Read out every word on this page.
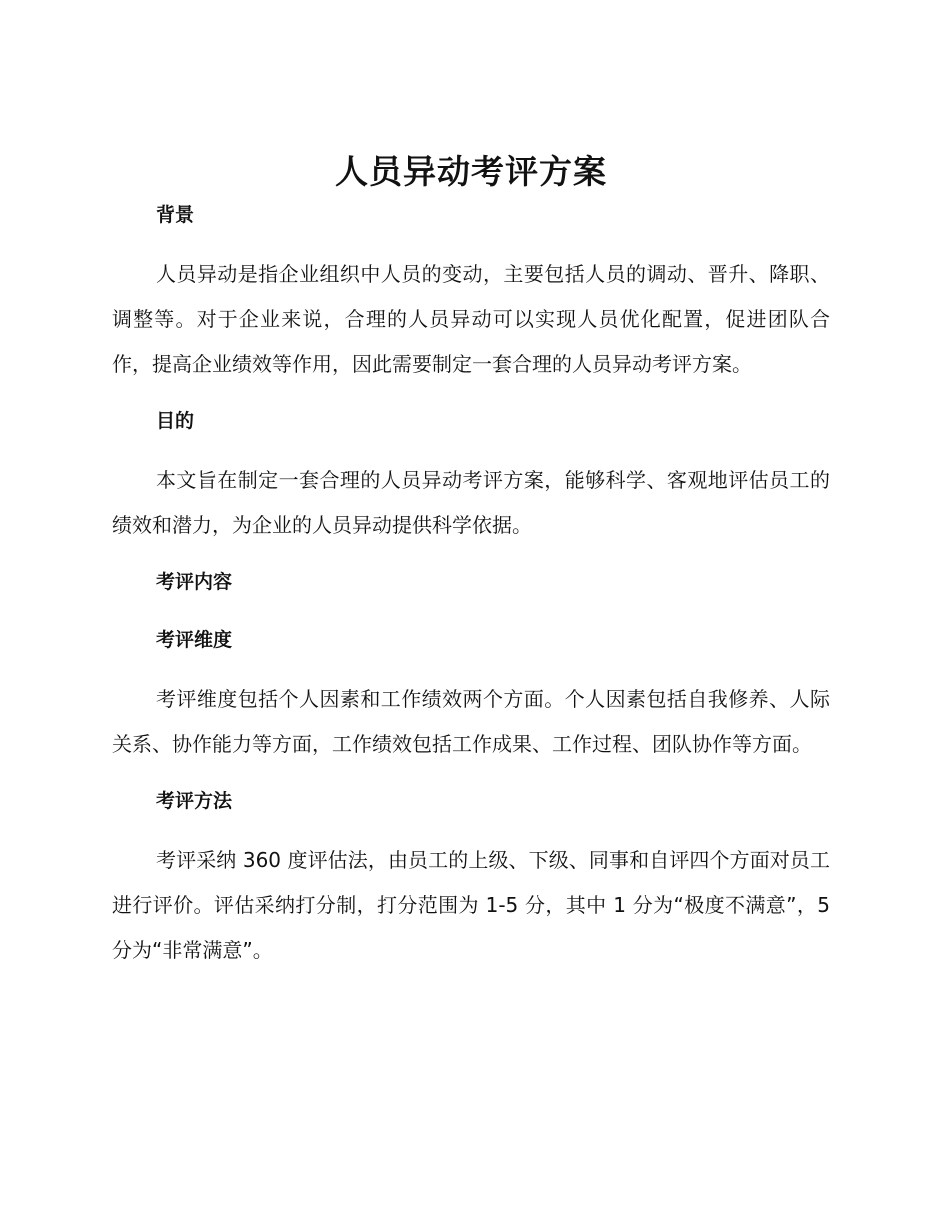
人员异动考评方案
背景

人员异动是指企业组织中人员的变动，主要包括人员的调动、晋升、降职、调整等。对于企业来说，合理的人员异动可以实现人员优化配置，促进团队合作，提高企业绩效等作用，因此需要制定一套合理的人员异动考评方案。

目的

本文旨在制定一套合理的人员异动考评方案，能够科学、客观地评估员工的绩效和潜力，为企业的人员异动提供科学依据。

考评内容
考评维度

考评维度包括个人因素和工作绩效两个方面。个人因素包括自我修养、人际关系、协作能力等方面，工作绩效包括工作成果、工作过程、团队协作等方面。

考评方法

考评采纳 360 度评估法，由员工的上级、下级、同事和自评四个方面对员工进行评价。评估采纳打分制，打分范围为 1-5 分，其中 1 分为“极度不满意”，5 分为“非常满意”。
